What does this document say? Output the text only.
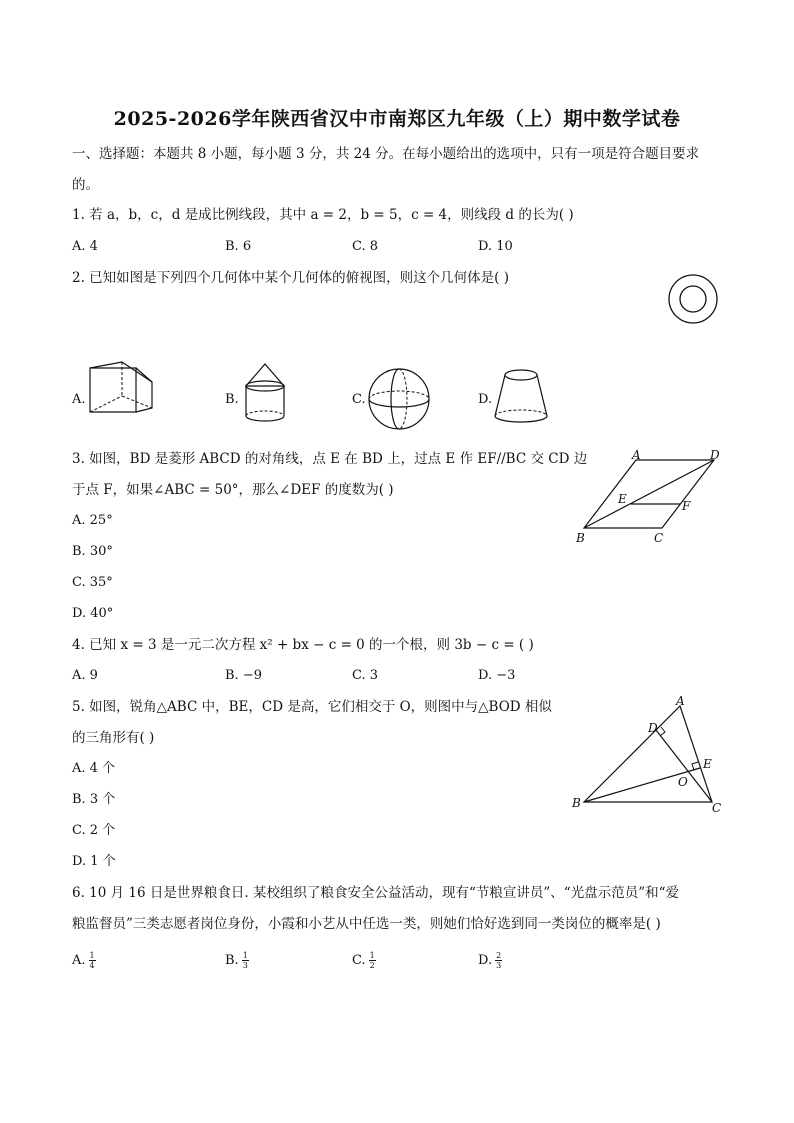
2025-2026学年陕西省汉中市南郑区九年级（上）期中数学试卷
一、选择题：本题共 8 小题，每小题 3 分，共 24 分。在每小题给出的选项中，只有一项是符合题目要求
的。
1. 若 a，b，c，d 是成比例线段，其中 a = 2，b = 5，c = 4，则线段 d 的长为( )
A. 4	B. 6	C. 8	D. 10
2. 已知如图是下列四个几何体中某个几何体的俯视图，则这个几何体是( )
A.	B.	C.	D.
3. 如图，BD 是菱形 ABCD 的对角线，点 E 在 BD 上，过点 E 作 EF//BC 交 CD 边
于点 F，如果∠ABC = 50°，那么∠DEF 的度数为( )
A. 25°
B. 30°
C. 35°
D. 40°
A	D
E	F
B	C
4. 已知 x = 3 是一元二次方程 x² + bx − c = 0 的一个根，则 3b − c = ( )
A. 9	B. −9	C. 3	D. −3
5. 如图，锐角△ABC 中，BE，CD 是高，它们相交于 O，则图中与△BOD 相似
的三角形有( )
A. 4 个
B. 3 个
C. 2 个
D. 1 个
A
D
E
O
B	C
6. 10 月 16 日是世界粮食日. 某校组织了粮食安全公益活动，现有“节粮宣讲员”、“光盘示范员”和“爱
粮监督员”三类志愿者岗位身份，小霞和小艺从中任选一类，则她们恰好选到同一类岗位的概率是( )
A. $\frac{1}{4}$	B. $\frac{1}{3}$	C. $\frac{1}{2}$	D. $\frac{2}{3}$
